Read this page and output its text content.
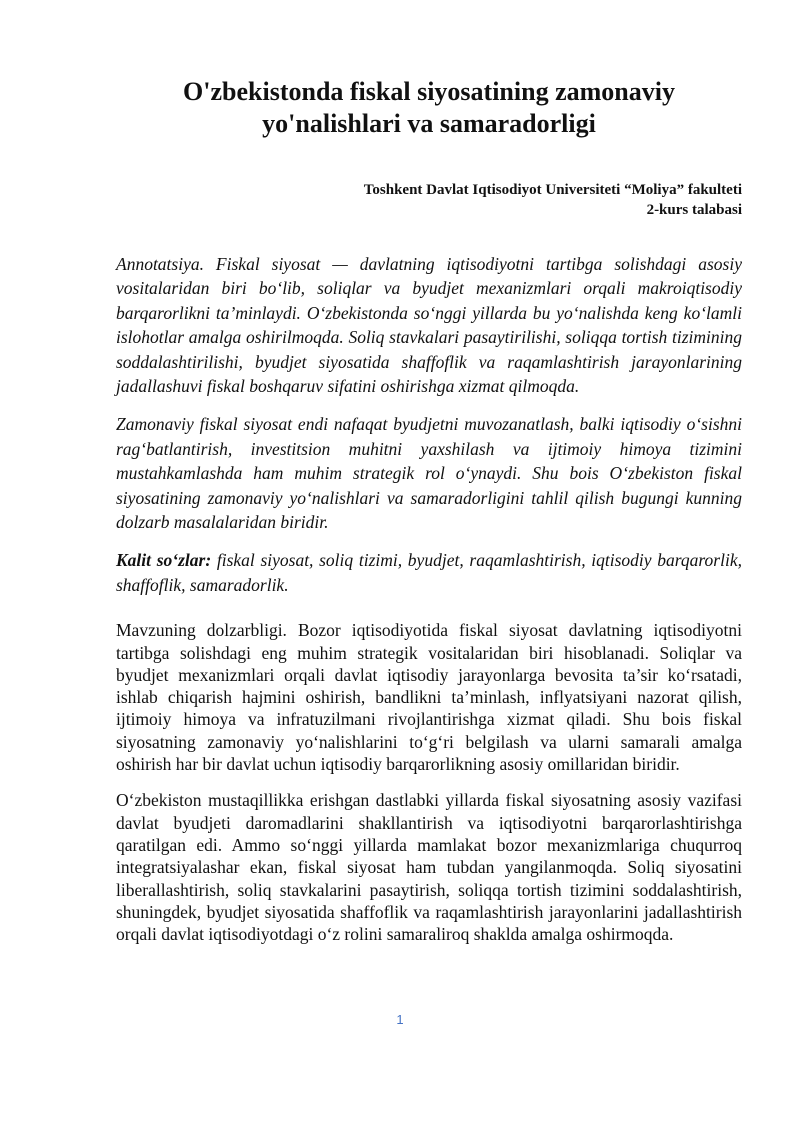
O'zbekistonda fiskal siyosatining zamonaviy
yo'nalishlari va samaradorligi
Toshkent Davlat Iqtisodiyot Universiteti “Moliya” fakulteti
2-kurs talabasi

Annotatsiya. Fiskal siyosat — davlatning iqtisodiyotni tartibga solishdagi asosiy vositalaridan biri bo‘lib, soliqlar va byudjet mexanizmlari orqali makroiqtisodiy barqarorlikni ta’minlaydi. O‘zbekistonda so‘nggi yillarda bu yo‘nalishda keng ko‘lamli islohotlar amalga oshirilmoqda. Soliq stavkalari pasaytirilishi, soliqqa tortish tizimining soddalashtirilishi, byudjet siyosatida shaffoflik va raqamlashtirish jarayonlarining jadallashuvi fiskal boshqaruv sifatini oshirishga xizmat qilmoqda.

Zamonaviy fiskal siyosat endi nafaqat byudjetni muvozanatlash, balki iqtisodiy o‘sishni rag‘batlantirish, investitsion muhitni yaxshilash va ijtimoiy himoya tizimini mustahkamlashda ham muhim strategik rol o‘ynaydi. Shu bois O‘zbekiston fiskal siyosatining zamonaviy yo‘nalishlari va samaradorligini tahlil qilish bugungi kunning dolzarb masalalaridan biridir.

Kalit so‘zlar: fiskal siyosat, soliq tizimi, byudjet, raqamlashtirish, iqtisodiy barqarorlik, shaffoflik, samaradorlik.

Mavzuning dolzarbligi. Bozor iqtisodiyotida fiskal siyosat davlatning iqtisodiyotni tartibga solishdagi eng muhim strategik vositalaridan biri hisoblanadi. Soliqlar va byudjet mexanizmlari orqali davlat iqtisodiy jarayonlarga bevosita ta’sir ko‘rsatadi, ishlab chiqarish hajmini oshirish, bandlikni ta’minlash, inflyatsiyani nazorat qilish, ijtimoiy himoya va infratuzilmani rivojlantirishga xizmat qiladi. Shu bois fiskal siyosatning zamonaviy yo‘nalishlarini to‘g‘ri belgilash va ularni samarali amalga oshirish har bir davlat uchun iqtisodiy barqarorlikning asosiy omillaridan biridir.

O‘zbekiston mustaqillikka erishgan dastlabki yillarda fiskal siyosatning asosiy vazifasi davlat byudjeti daromadlarini shakllantirish va iqtisodiyotni barqarorlashtirishga qaratilgan edi. Ammo so‘nggi yillarda mamlakat bozor mexanizmlariga chuqurroq integratsiyalashar ekan, fiskal siyosat ham tubdan yangilanmoqda. Soliq siyosatini liberallashtirish, soliq stavkalarini pasaytirish, soliqqa tortish tizimini soddalashtirish, shuningdek, byudjet siyosatida shaffoflik va raqamlashtirish jarayonlarini jadallashtirish orqali davlat iqtisodiyotdagi o‘z rolini samaraliroq shaklda amalga oshirmoqda.

1
